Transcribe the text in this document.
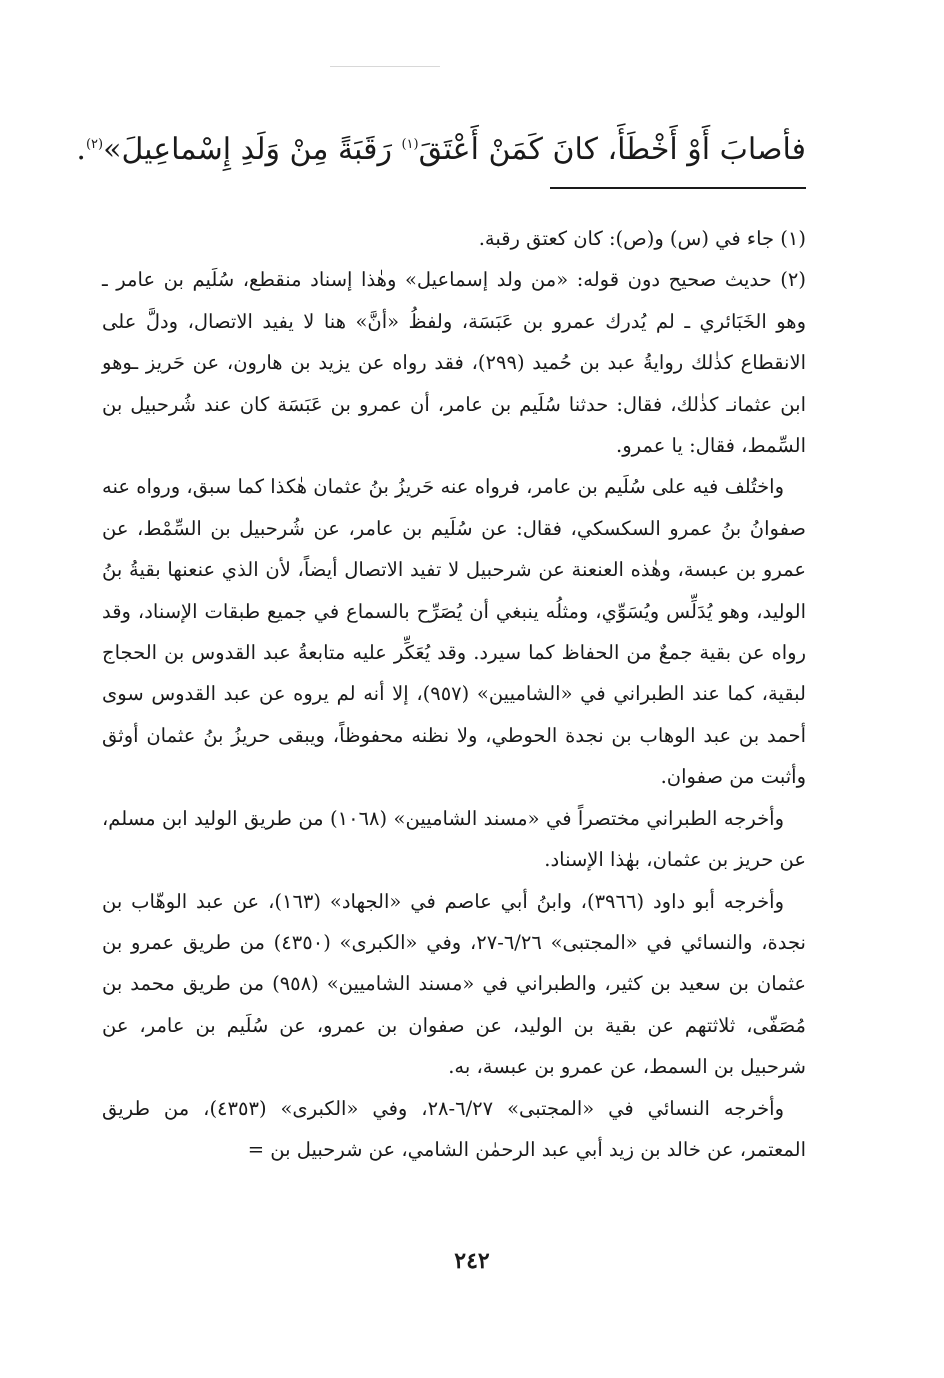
فأصابَ أَوْ أَخْطَأَ، كانَ كَمَنْ أَعْتَقَ$^{(١)}$ رَقَبَةً مِنْ وَلَدِ إِسْماعِيلَ»$^{(٢)}$.

(١) جاء في (س) و(ص): كان كعتق رقبة.

(٢) حديث صحيح دون قوله: «من ولد إسماعيل» وهٰذا إسناد منقطع، سُلَيم بن عامر ـ وهو الخَبَائري ـ لم يُدرك عمرو بن عَبَسَة، ولفظُ «أنَّ» هنا لا يفيد الاتصال، ودلَّ على الانقطاع كذٰلك روايةُ عبد بن حُميد (٢٩٩)، فقد رواه عن يزيد بن هارون، عن حَريز ـوهو ابن عثمانـ كذٰلك، فقال: حدثنا سُلَيم بن عامر، أن عمرو بن عَبَسَة كان عند شُرحبيل بن السِّمط، فقال: يا عمرو.

واختُلف فيه على سُلَيم بن عامر، فرواه عنه حَريزُ بنُ عثمان هٰكذا كما سبق، ورواه عنه صفوانُ بنُ عمرو السكسكي، فقال: عن سُلَيم بن عامر، عن شُرحبيل بن السِّمْط، عن عمرو بن عبسة، وهٰذه العنعنة عن شرحبيل لا تفيد الاتصال أيضاً، لأن الذي عنعنها بقيةُ بنُ الوليد، وهو يُدَلِّس ويُسَوِّي، ومثلُه ينبغي أن يُصَرِّح بالسماع في جميع طبقات الإسناد، وقد رواه عن بقية جمعٌ من الحفاظ كما سيرد. وقد يُعَكِّر عليه متابعةُ عبد القدوس بن الحجاج لبقية، كما عند الطبراني في «الشاميين» (٩٥٧)، إلا أنه لم يروه عن عبد القدوس سوى أحمد بن عبد الوهاب بن نجدة الحوطي، ولا نظنه محفوظاً، ويبقى حريزُ بنُ عثمان أوثق وأثبت من صفوان.

وأخرجه الطبراني مختصراً في «مسند الشاميين» (١٠٦٨) من طريق الوليد ابن مسلم، عن حريز بن عثمان، بهٰذا الإسناد.

وأخرجه أبو داود (٣٩٦٦)، وابنُ أبي عاصم في «الجهاد» (١٦٣)، عن عبد الوهّاب بن نجدة، والنسائي في «المجتبى» ٦/٢٦-٢٧، وفي «الكبرى» (٤٣٥٠) من طريق عمرو بن عثمان بن سعيد بن كثير، والطبراني في «مسند الشاميين» (٩٥٨) من طريق محمد بن مُصَفّى، ثلاثتهم عن بقية بن الوليد، عن صفوان بن عمرو، عن سُلَيم بن عامر، عن شرحبيل بن السمط، عن عمرو بن عبسة، به.

وأخرجه النسائي في «المجتبى» ٦/٢٧-٢٨، وفي «الكبرى» (٤٣٥٣)، من طريق المعتمر، عن خالد بن زيد أبي عبد الرحمٰن الشامي، عن شرحبيل بن =

٢٤٢
